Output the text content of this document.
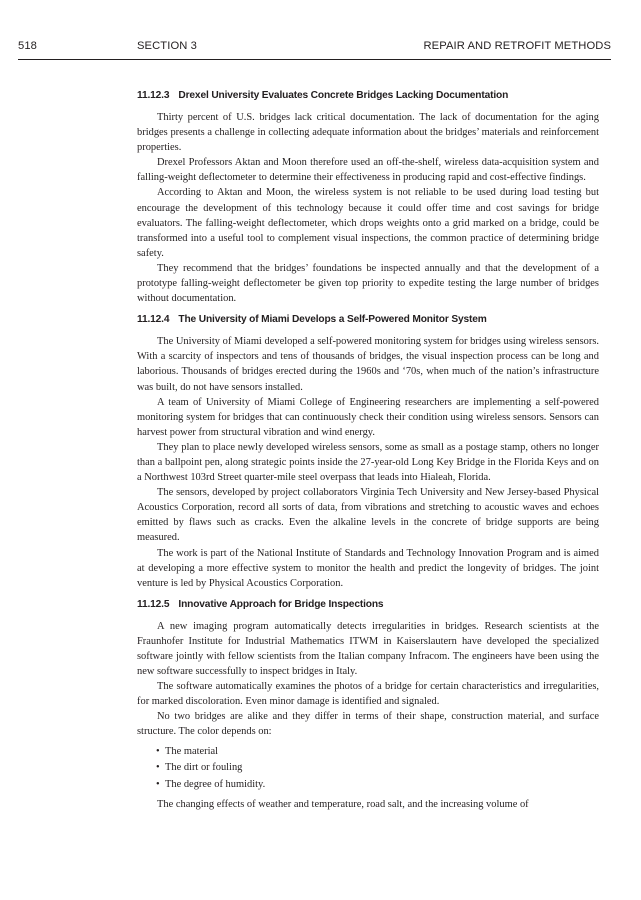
518	SECTION 3	REPAIR AND RETROFIT METHODS
11.12.3 Drexel University Evaluates Concrete Bridges Lacking Documentation

Thirty percent of U.S. bridges lack critical documentation. The lack of documentation for the aging bridges presents a challenge in collecting adequate information about the bridges’ materials and reinforcement properties.

Drexel Professors Aktan and Moon therefore used an off-the-shelf, wireless data-acquisition system and falling-weight deflectometer to determine their effectiveness in producing rapid and cost-effective findings.

According to Aktan and Moon, the wireless system is not reliable to be used during load testing but encourage the development of this technology because it could offer time and cost savings for bridge evaluators. The falling-weight deflectometer, which drops weights onto a grid marked on a bridge, could be transformed into a useful tool to complement visual inspections, the common practice of determining bridge safety.

They recommend that the bridges’ foundations be inspected annually and that the development of a prototype falling-weight deflectometer be given top priority to expedite testing the large number of bridges without documentation.

11.12.4 The University of Miami Develops a Self-Powered Monitor System

The University of Miami developed a self-powered monitoring system for bridges using wireless sensors. With a scarcity of inspectors and tens of thousands of bridges, the visual inspection process can be long and laborious. Thousands of bridges erected during the 1960s and ‘70s, when much of the nation’s infrastructure was built, do not have sensors installed.

A team of University of Miami College of Engineering researchers are implementing a self-powered monitoring system for bridges that can continuously check their condition using wireless sensors. Sensors can harvest power from structural vibration and wind energy.

They plan to place newly developed wireless sensors, some as small as a postage stamp, others no longer than a ballpoint pen, along strategic points inside the 27-year-old Long Key Bridge in the Florida Keys and on a Northwest 103rd Street quarter-mile steel overpass that leads into Hialeah, Florida.

The sensors, developed by project collaborators Virginia Tech University and New Jersey-based Physical Acoustics Corporation, record all sorts of data, from vibrations and stretching to acoustic waves and echoes emitted by flaws such as cracks. Even the alkaline levels in the concrete of bridge supports are being measured.

The work is part of the National Institute of Standards and Technology Innovation Program and is aimed at developing a more effective system to monitor the health and predict the longevity of bridges. The joint venture is led by Physical Acoustics Corporation.

11.12.5 Innovative Approach for Bridge Inspections

A new imaging program automatically detects irregularities in bridges. Research scientists at the Fraunhofer Institute for Industrial Mathematics ITWM in Kaiserslautern have developed the specialized software jointly with fellow scientists from the Italian company Infracom. The engineers have been using the new software successfully to inspect bridges in Italy.

The software automatically examines the photos of a bridge for certain characteristics and irregularities, for marked discoloration. Even minor damage is identified and signaled.

No two bridges are alike and they differ in terms of their shape, construction material, and surface structure. The color depends on:

• The material
• The dirt or fouling
• The degree of humidity.

The changing effects of weather and temperature, road salt, and the increasing volume of
